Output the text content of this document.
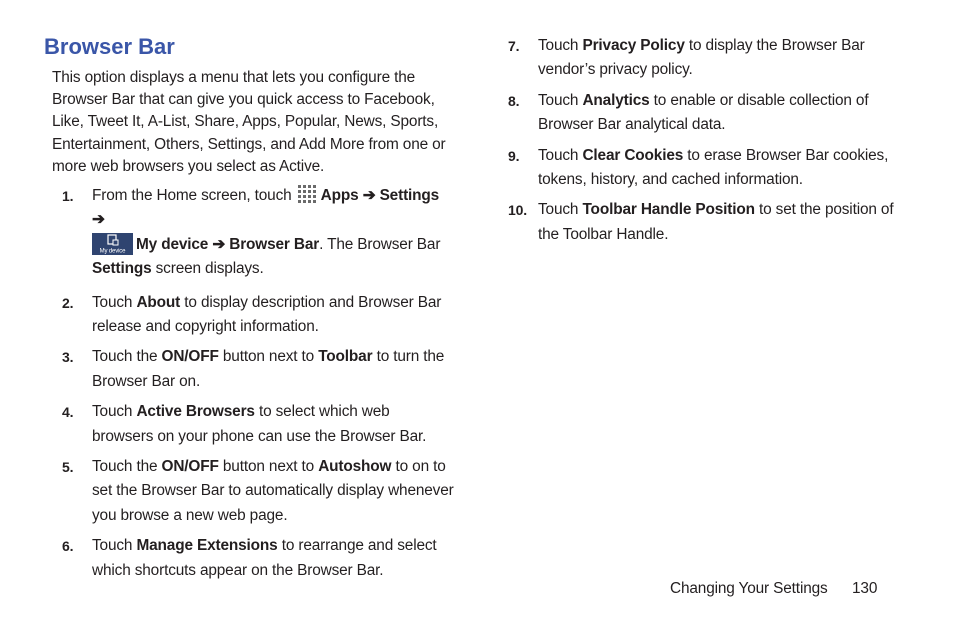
Browser Bar

This option displays a menu that lets you configure the Browser Bar that can give you quick access to Facebook, Like, Tweet It, A-List, Share, Apps, Popular, News, Sports, Entertainment, Others, Settings, and Add More from one or more web browsers you select as Active.

1. From the Home screen, touch Apps ➔ Settings ➔

My device My device ➔ Browser Bar. The Browser Bar
Settings screen displays.
2. Touch About to display description and Browser Bar release and copyright information.
3. Touch the ON/OFF button next to Toolbar to turn the Browser Bar on.
4. Touch Active Browsers to select which web browsers on your phone can use the Browser Bar.
5. Touch the ON/OFF button next to Autoshow to on to set the Browser Bar to automatically display whenever you browse a new web page.
6. Touch Manage Extensions to rearrange and select which shortcuts appear on the Browser Bar.
7. Touch Privacy Policy to display the Browser Bar vendor’s privacy policy.
8. Touch Analytics to enable or disable collection of Browser Bar analytical data.
9. Touch Clear Cookies to erase Browser Bar cookies, tokens, history, and cached information.
10. Touch Toolbar Handle Position to set the position of the Toolbar Handle.
Changing Your Settings 130
